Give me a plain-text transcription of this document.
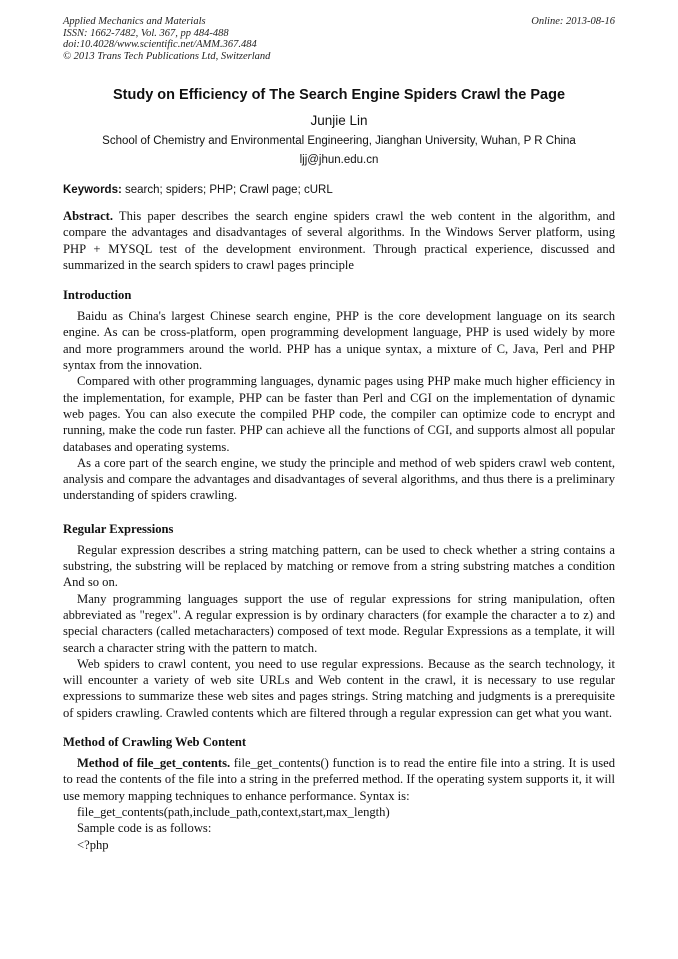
Applied Mechanics and Materials
ISSN: 1662-7482, Vol. 367, pp 484-488
doi:10.4028/www.scientific.net/AMM.367.484
© 2013 Trans Tech Publications Ltd, Switzerland
Online: 2013-08-16
Study on Efficiency of The Search Engine Spiders Crawl the Page
Junjie Lin
School of Chemistry and Environmental Engineering, Jianghan University, Wuhan, P R China
ljj@jhun.edu.cn
Keywords: search; spiders; PHP; Crawl page; cURL
Abstract. This paper describes the search engine spiders crawl the web content in the algorithm, and compare the advantages and disadvantages of several algorithms. In the Windows Server platform, using PHP + MYSQL test of the development environment. Through practical experience, discussed and summarized in the search spiders to crawl pages principle
Introduction

Baidu as China's largest Chinese search engine, PHP is the core development language on its search engine. As can be cross-platform, open programming development language, PHP is used widely by more and more programmers around the world. PHP has a unique syntax, a mixture of C, Java, Perl and PHP syntax from the innovation.

Compared with other programming languages, dynamic pages using PHP make much higher efficiency in the implementation, for example, PHP can be faster than Perl and CGI on the implementation of dynamic web pages. You can also execute the compiled PHP code, the compiler can optimize code to encrypt and running, make the code run faster. PHP can achieve all the functions of CGI, and supports almost all popular databases and operating systems.

As a core part of the search engine, we study the principle and method of web spiders crawl web content, analysis and compare the advantages and disadvantages of several algorithms, and thus there is a preliminary understanding of spiders crawling.

Regular Expressions

Regular expression describes a string matching pattern, can be used to check whether a string contains a substring, the substring will be replaced by matching or remove from a string substring matches a condition And so on.

Many programming languages support the use of regular expressions for string manipulation, often abbreviated as "regex". A regular expression is by ordinary characters (for example the character a to z) and special characters (called metacharacters) composed of text mode. Regular Expressions as a template, it will search a character string with the pattern to match.

Web spiders to crawl content, you need to use regular expressions. Because as the search technology, it will encounter a variety of web site URLs and Web content in the crawl, it is necessary to use regular expressions to summarize these web sites and pages strings. String matching and judgments is a prerequisite of spiders crawling. Crawled contents which are filtered through a regular expression can get what you want.

Method of Crawling Web Content

Method of file_get_contents. file_get_contents() function is to read the entire file into a string. It is used to read the contents of the file into a string in the preferred method. If the operating system supports it, it will use memory mapping techniques to enhance performance. Syntax is:

file_get_contents(path,include_path,context,start,max_length)

Sample code is as follows:

<?php
